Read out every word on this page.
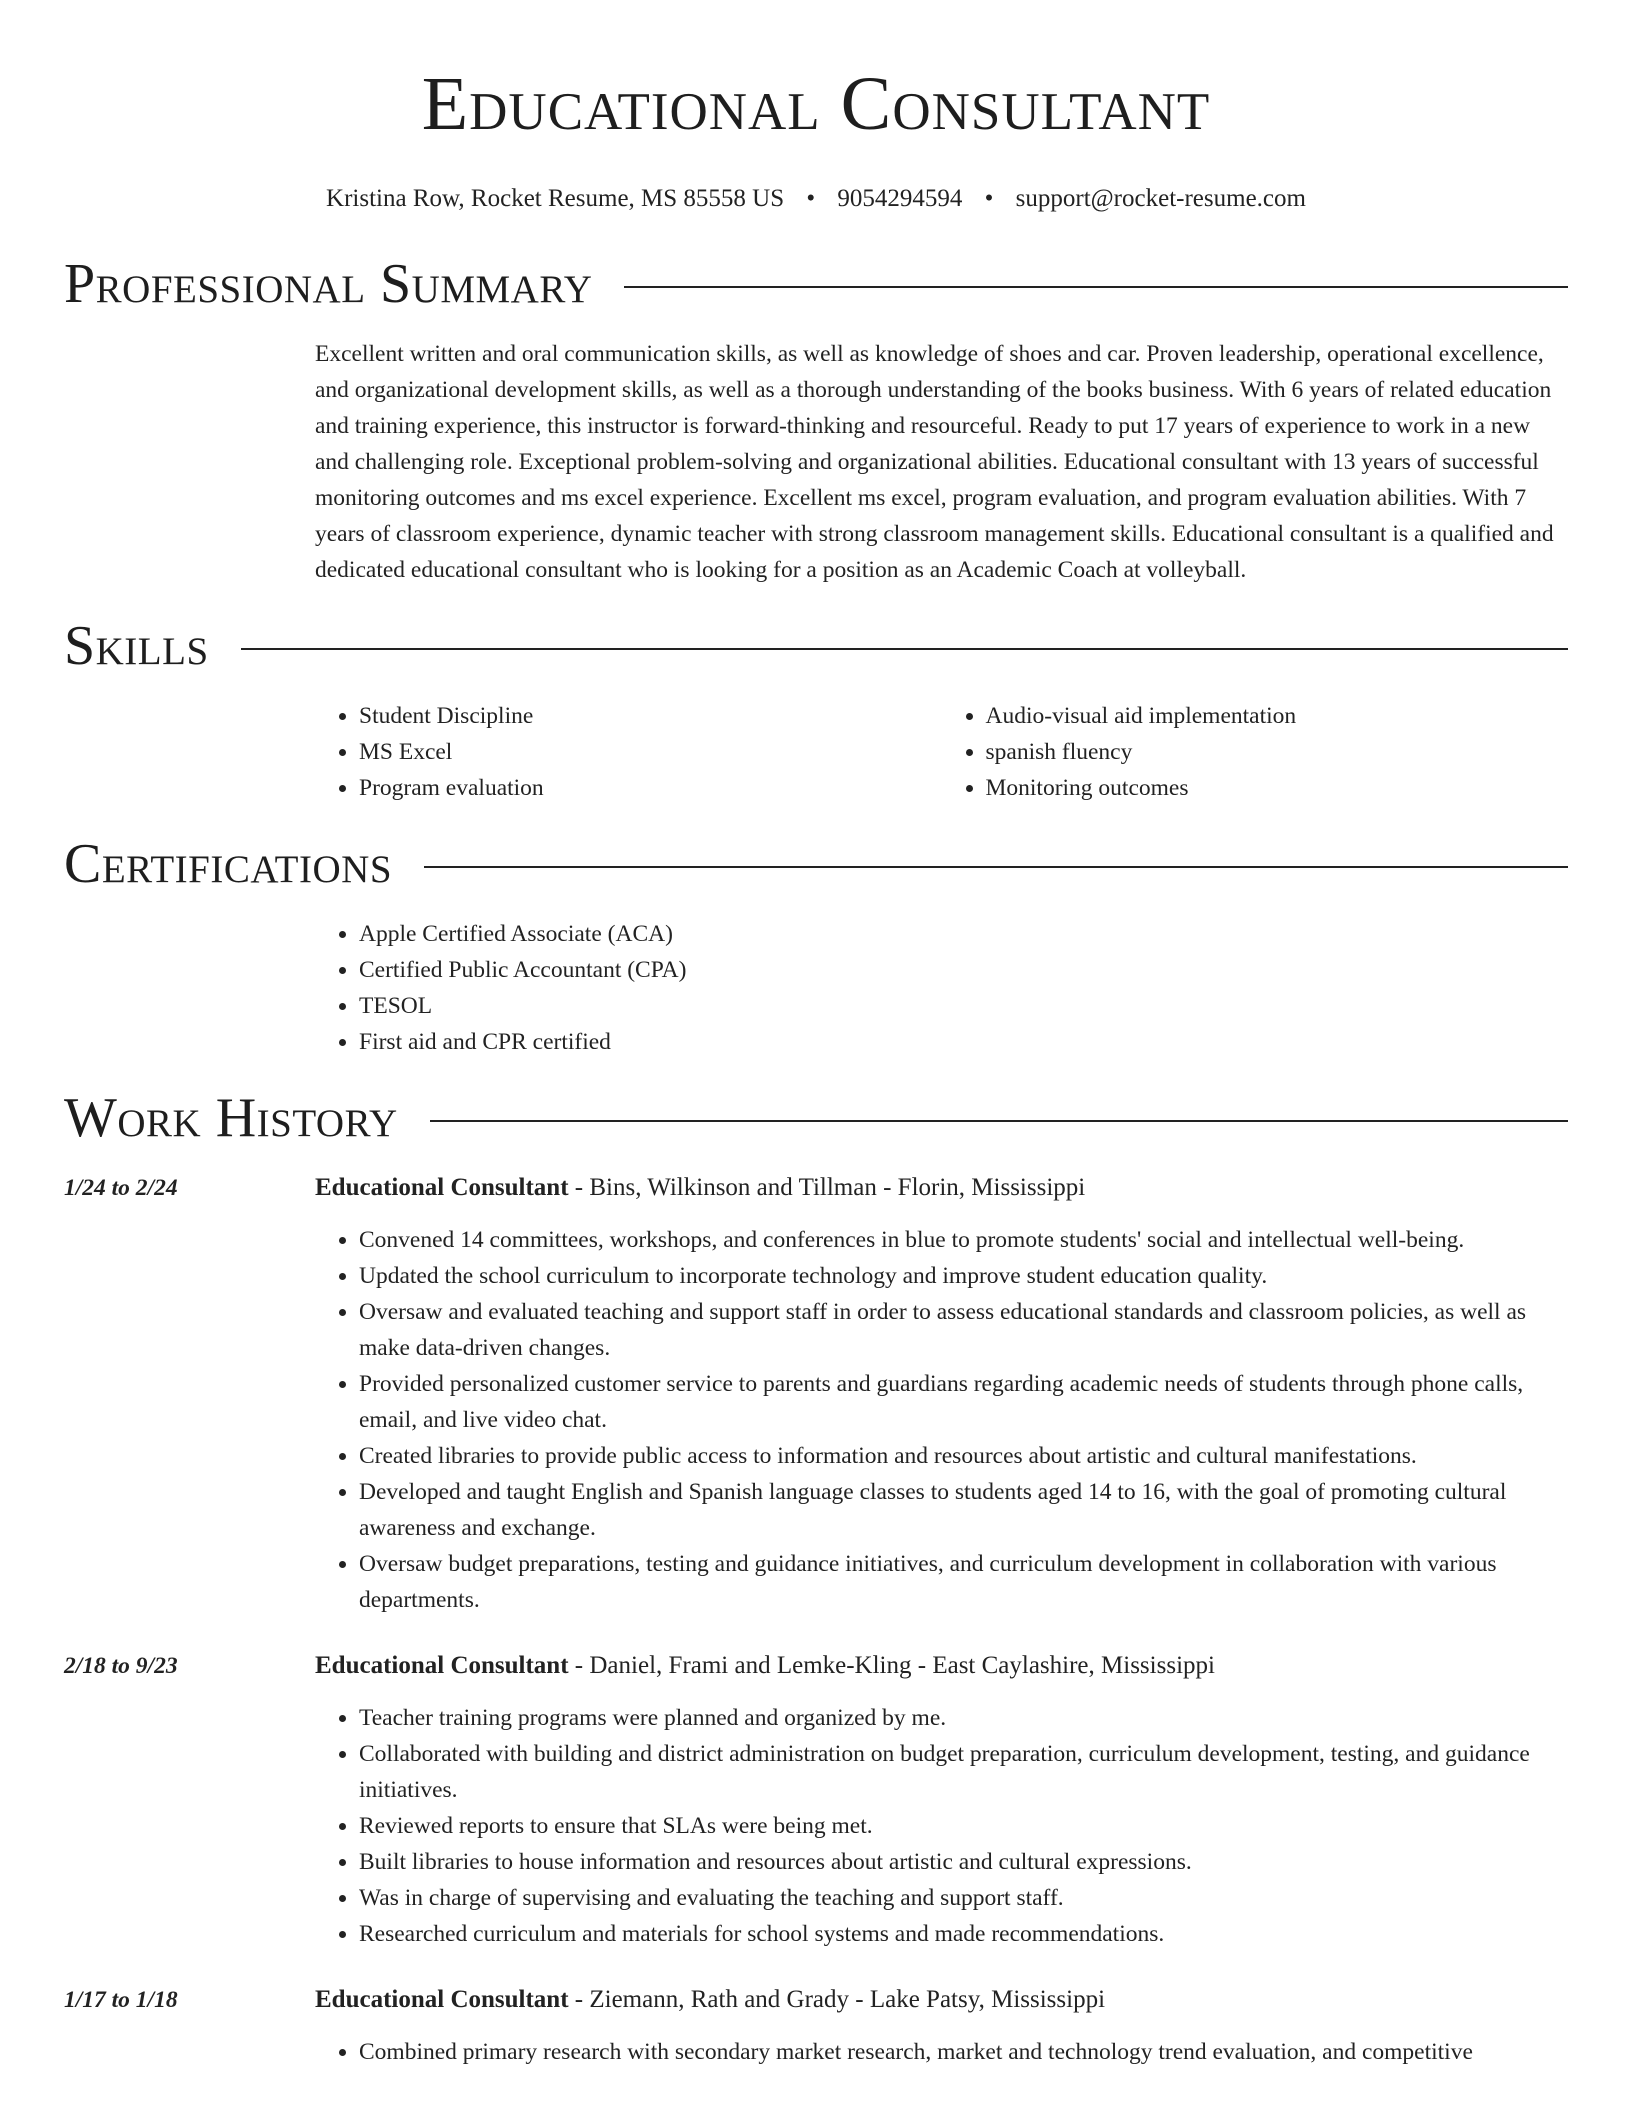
Educational Consultant
Kristina Row, Rocket Resume, MS 85558 US • 9054294594 • support@rocket-resume.com
Professional Summary
Excellent written and oral communication skills, as well as knowledge of shoes and car. Proven leadership, operational excellence, and organizational development skills, as well as a thorough understanding of the books business. With 6 years of related education and training experience, this instructor is forward-thinking and resourceful. Ready to put 17 years of experience to work in a new and challenging role. Exceptional problem-solving and organizational abilities. Educational consultant with 13 years of successful monitoring outcomes and ms excel experience. Excellent ms excel, program evaluation, and program evaluation abilities. With 7 years of classroom experience, dynamic teacher with strong classroom management skills. Educational consultant is a qualified and dedicated educational consultant who is looking for a position as an Academic Coach at volleyball.
Skills
• Student Discipline
• MS Excel
• Program evaluation
• Audio-visual aid implementation
• spanish fluency
• Monitoring outcomes
Certifications
• Apple Certified Associate (ACA)
• Certified Public Accountant (CPA)
• TESOL
• First aid and CPR certified
Work History
1/24 to 2/24	Educational Consultant - Bins, Wilkinson and Tillman - Florin, Mississippi
• Convened 14 committees, workshops, and conferences in blue to promote students' social and intellectual well-being.
• Updated the school curriculum to incorporate technology and improve student education quality.
• Oversaw and evaluated teaching and support staff in order to assess educational standards and classroom policies, as well as make data-driven changes.
• Provided personalized customer service to parents and guardians regarding academic needs of students through phone calls, email, and live video chat.
• Created libraries to provide public access to information and resources about artistic and cultural manifestations.
• Developed and taught English and Spanish language classes to students aged 14 to 16, with the goal of promoting cultural awareness and exchange.
• Oversaw budget preparations, testing and guidance initiatives, and curriculum development in collaboration with various departments.
2/18 to 9/23	Educational Consultant - Daniel, Frami and Lemke-Kling - East Caylashire, Mississippi
• Teacher training programs were planned and organized by me.
• Collaborated with building and district administration on budget preparation, curriculum development, testing, and guidance initiatives.
• Reviewed reports to ensure that SLAs were being met.
• Built libraries to house information and resources about artistic and cultural expressions.
• Was in charge of supervising and evaluating the teaching and support staff.
• Researched curriculum and materials for school systems and made recommendations.
1/17 to 1/18	Educational Consultant - Ziemann, Rath and Grady - Lake Patsy, Mississippi
• Combined primary research with secondary market research, market and technology trend evaluation, and competitive
